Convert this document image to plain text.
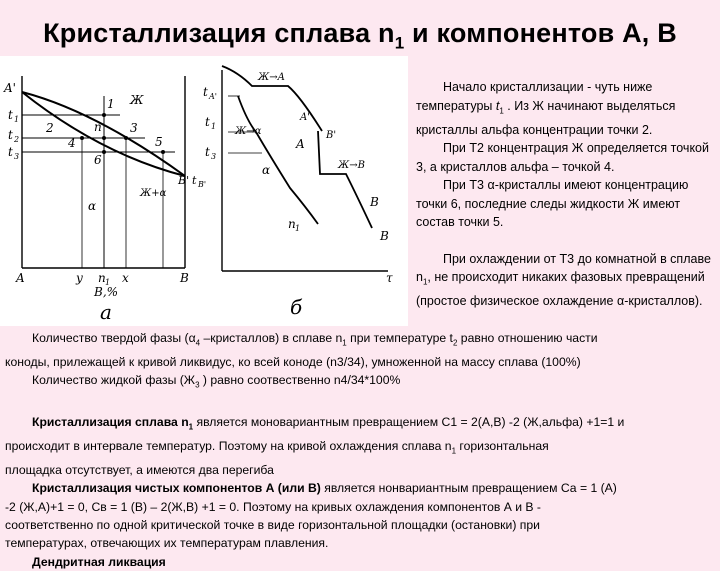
Кристаллизация сплава $n_1$ и компонентов А, В
A'
t 1
t 2
t 3
1
2	3
4	5
6
n
Ж
α
Ж+α
B' t B'
A	y n 1 x	B
B,%
a
t A'
t 1
t 3
Ж→A
A'
A
Ж→α
α
n 1
Ж→B
B'
B
B
τ
б

Начало кристаллизации - чуть ниже температуры $t_1$ . Из Ж начинают выделяться кристаллы альфа концентрации точки 2.

При Т2 концентрация Ж определяется точкой 3, а кристаллов альфа – точкой 4.

При Т3 α-кристаллы имеют концентрацию точки 6, последние следы жидкости Ж имеют состав точки 5.

При охлаждении от Т3 до комнатной в сплаве $n_1$, не происходит никаких фазовых превращений (простое физическое охлаждение α-кристаллов).

Количество твердой фазы ($\alpha_4$ –кристаллов) в сплаве $n_1$ при температуре $t_2$ равно отношению части

коноды, прилежащей к кривой ликвидус, ко всей коноде (n3/34), умноженной на массу сплава (100%)

Количество жидкой фазы ($Ж_3$ ) равно соотвественно n4/34*100%

Кристаллизация сплава $n_1$ является моновариантным превращением С1 = 2(А,В) -2 (Ж,альфа) +1=1 и

происходит в интервале температур. Поэтому на кривой охлаждения сплава $n_1$ горизонтальная

площадка отсутствует, а имеются два перегиба

Кристаллизация чистых компонентов А (или В) является нонвариантным превращением Са = 1 (А)

-2 (Ж,А)+1 = 0, Св = 1 (В) – 2(Ж,В) +1 = 0. Поэтому на кривых охлаждения компонентов А и В -

соответственно по одной критической точке в виде горизонтальной площадки (остановки) при

температурах, отвечающих их температурам плавления.

Дендритная ликвация
